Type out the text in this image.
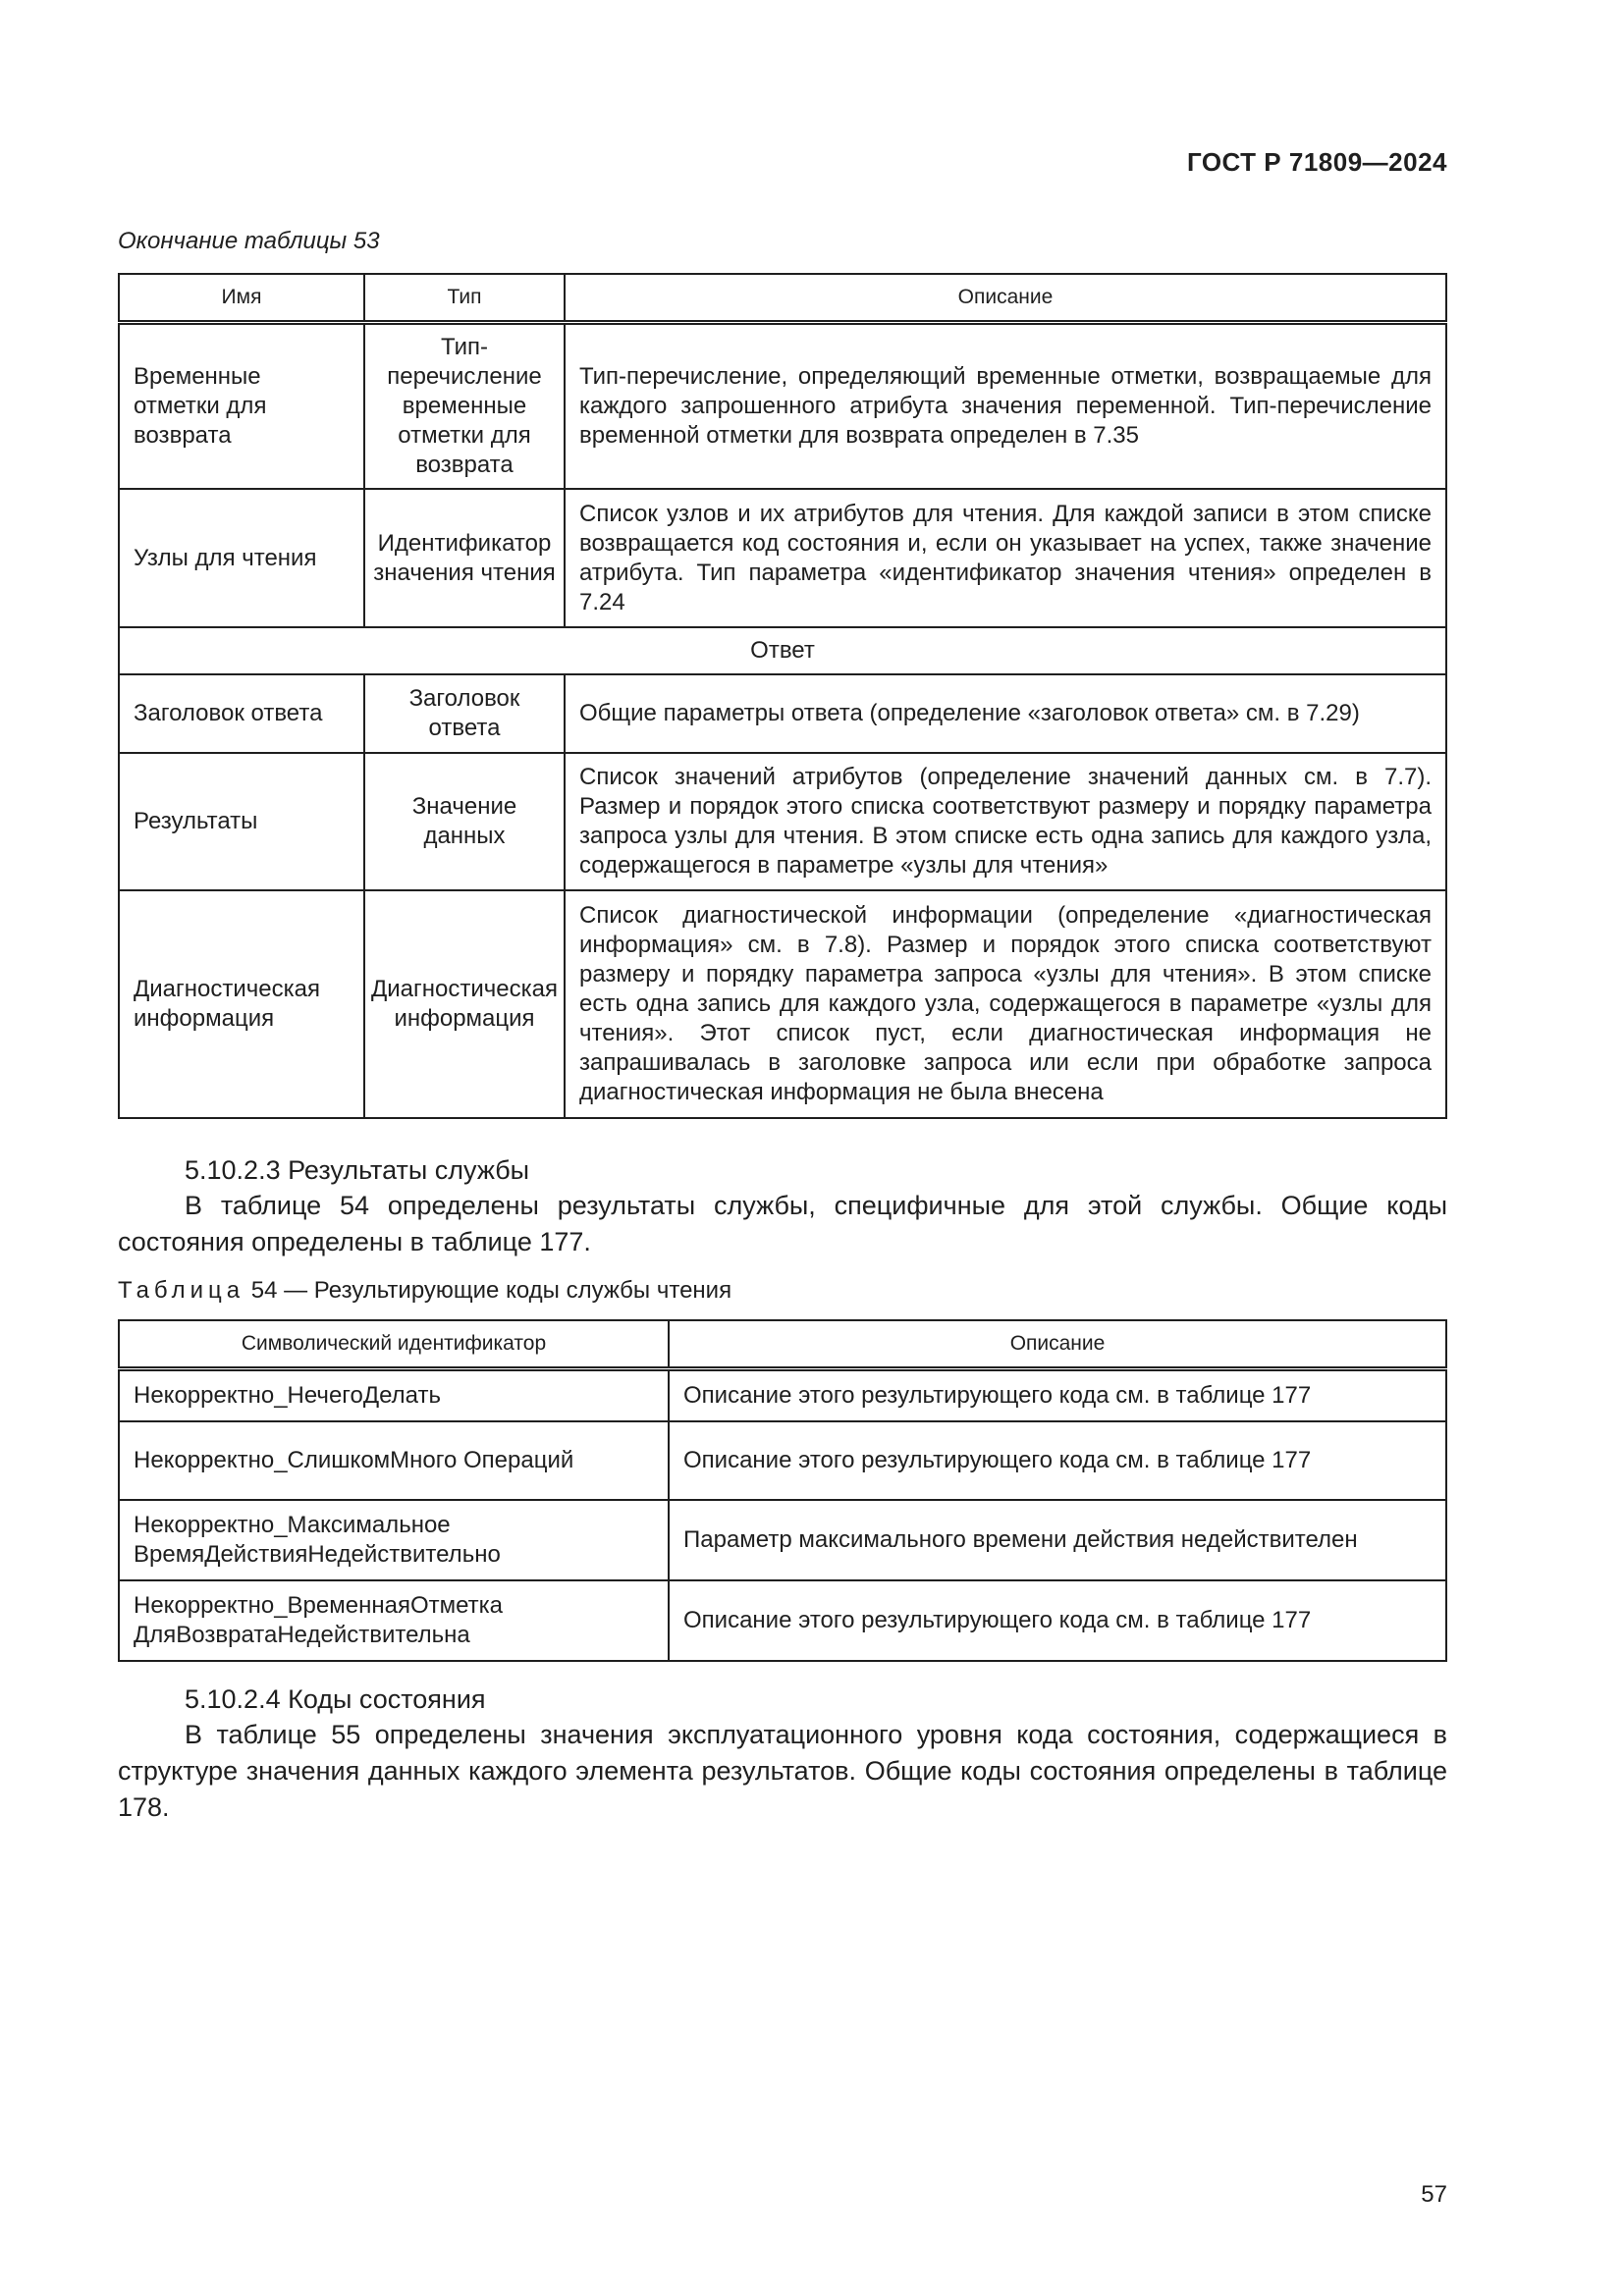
ГОСТ Р 71809—2024
Окончание таблицы 53
Имя	Тип	Описание
Временные отметки для возврата	Тип-перечисление временные отметки для возврата	Тип-перечисление, определяющий временные отметки, возвращаемые для каждого запрошенного атрибута значения переменной. Тип-перечисление временной отметки для возврата определен в 7.35
Узлы для чтения	Идентификатор значения чтения	Список узлов и их атрибутов для чтения. Для каждой записи в этом списке возвращается код состояния и, если он указывает на успех, также значение атрибута. Тип параметра «идентификатор значения чтения» определен в 7.24
Ответ		
Заголовок ответа	Заголовок ответа	Общие параметры ответа (определение «заголовок ответа» см. в 7.29)
Результаты	Значение данных	Список значений атрибутов (определение значений данных см. в 7.7). Размер и порядок этого списка соответствуют размеру и порядку параметра запроса узлы для чтения. В этом списке есть одна запись для каждого узла, содержащегося в параметре «узлы для чтения»
Диагностическая информация	Диагностическая информация	Список диагностической информации (определение «диагностическая информация» см. в 7.8). Размер и порядок этого списка соответствуют размеру и порядку параметра запроса «узлы для чтения». В этом списке есть одна запись для каждого узла, содержащегося в параметре «узлы для чтения». Этот список пуст, если диагностическая информация не запрашивалась в заголовке запроса или если при обработке запроса диагностическая информация не была внесена
5.10.2.3 Результаты службы
В таблице 54 определены результаты службы, специфичные для этой службы. Общие коды состояния определены в таблице 177.
Таблица 54 — Результирующие коды службы чтения
Символический идентификатор	Описание
Некорректно_НечегоДелать	Описание этого результирующего кода см. в таблице 177
Некорректно_СлишкомМного Операций	Описание этого результирующего кода см. в таблице 177
Некорректно_Максимальное ВремяДействияНедействительно	Параметр максимального времени действия недействителен
Некорректно_ВременнаяОтметка ДляВозвратаНедействительна	Описание этого результирующего кода см. в таблице 177
5.10.2.4 Коды состояния
В таблице 55 определены значения эксплуатационного уровня кода состояния, содержащиеся в структуре значения данных каждого элемента результатов. Общие коды состояния определены в таблице 178.
57
